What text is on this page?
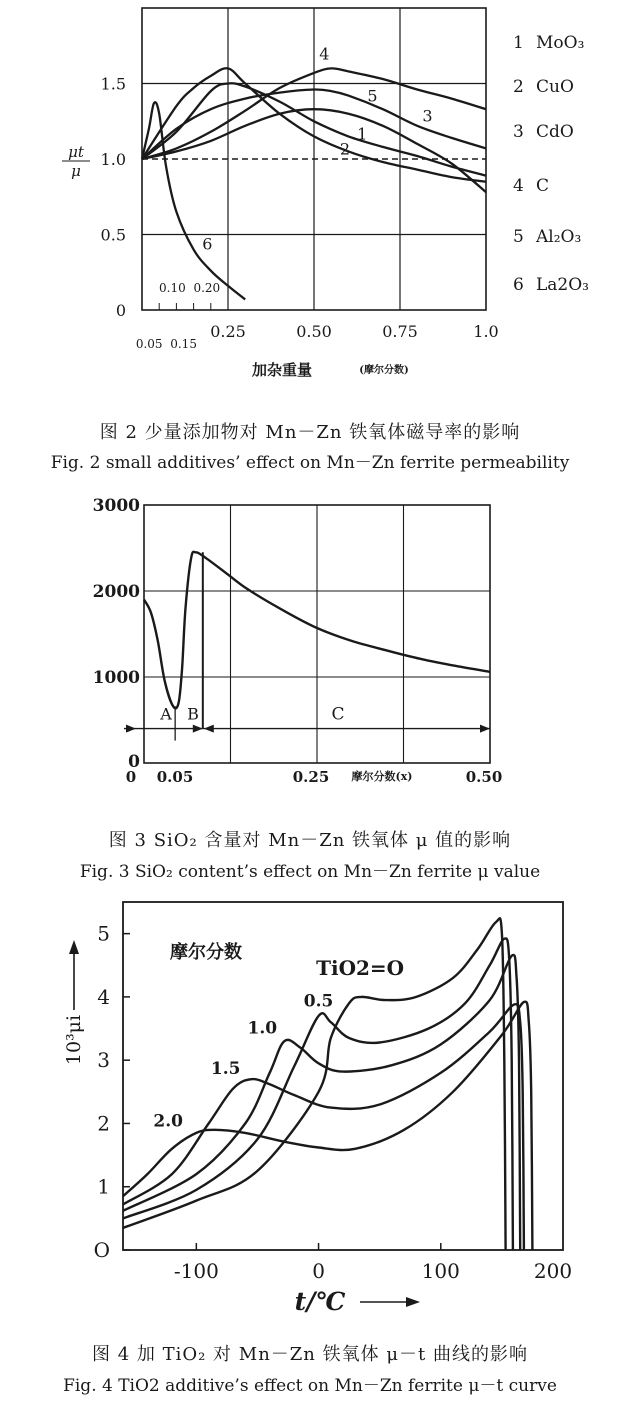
0
0.5
1.0
1.5
0.25	0.50	0.75	1.0
0.05 0.15
0.10 0.20
1
2
3
4
5
6
1 MoO₃
2 CuO
3 CdO
4 C
5 Al₂O₃
6 La2O₃
μt
μ
加杂重量	(摩尔分数)
0
1000
2000
3000
0 0.05	0.25	0.50
A B	C
摩尔分数(x)
O
1
2
3
4
5
-100	0	100	200
TiO2=O
0.5
1.0
1.5
2.0
摩尔分数
10³μi
t/℃
图 2 少量添加物对 Mn－Zn 铁氧体磁导率的影响
Fig. 2 small additives’ effect on Mn－Zn ferrite permeability
图 3 SiO₂ 含量对 Mn－Zn 铁氧体 μ 值的影响
Fig. 3 SiO₂ content’s effect on Mn－Zn ferrite μ value
图 4 加 TiO₂ 对 Mn－Zn 铁氧体 μ－t 曲线的影响
Fig. 4 TiO2 additive’s effect on Mn－Zn ferrite μ－t curve
